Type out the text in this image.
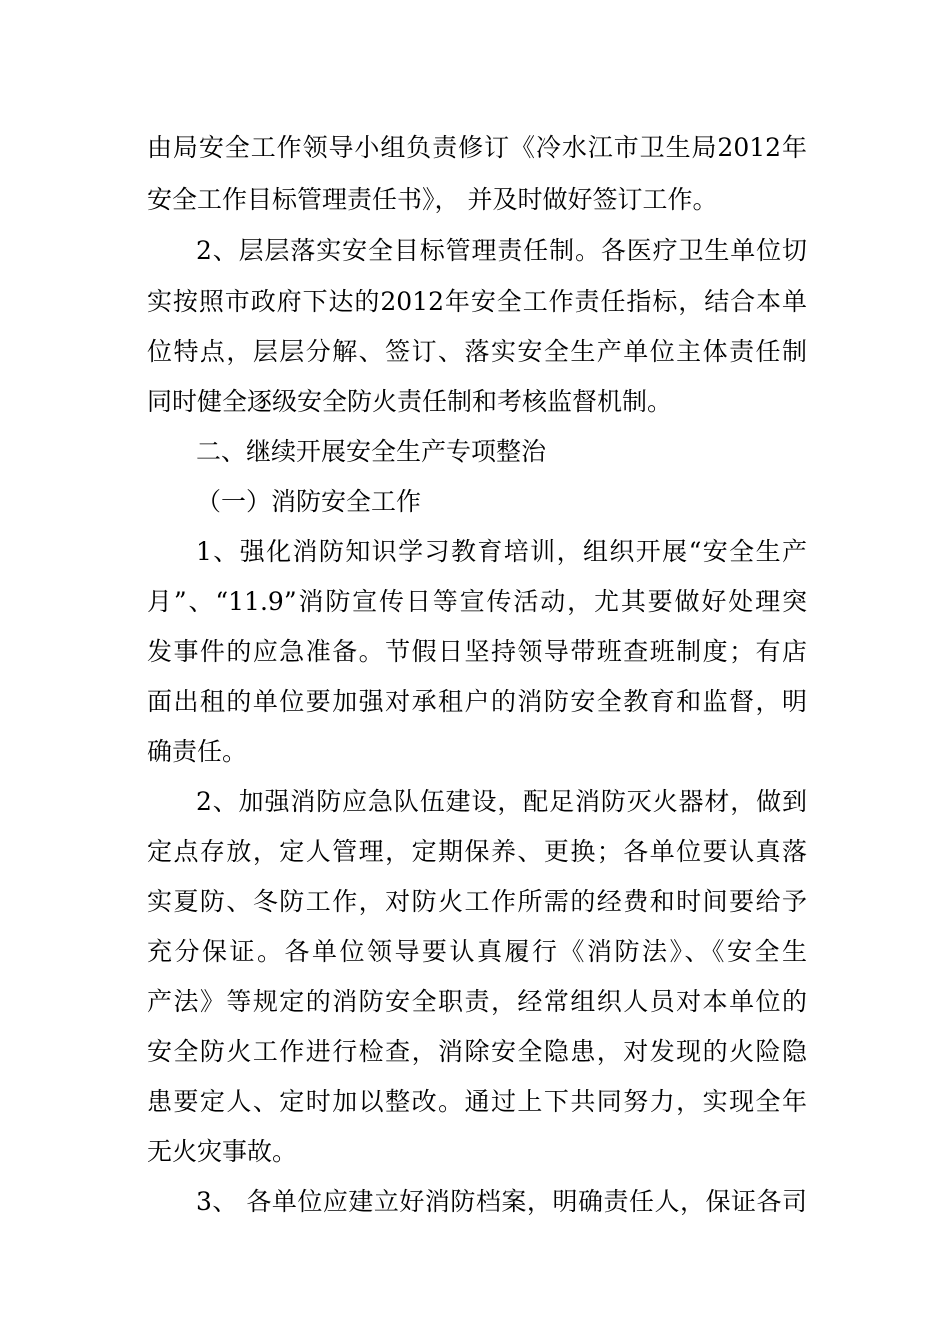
由局安全工作领导小组负责修订《冷水江市卫生局2012年
安全工作目标管理责任书》， 并及时做好签订工作。
2、层层落实安全目标管理责任制。各医疗卫生单位切
实按照市政府下达的2012年安全工作责任指标，结合本单
位特点，层层分解、签订、落实安全生产单位主体责任制
同时健全逐级安全防火责任制和考核监督机制。
二、继续开展安全生产专项整治
（一）消防安全工作
1、强化消防知识学习教育培训，组织开展“安全生产
月”、“11.9”消防宣传日等宣传活动，尤其要做好处理突
发事件的应急准备。节假日坚持领导带班查班制度；有店
面出租的单位要加强对承租户的消防安全教育和监督，明
确责任。
2、加强消防应急队伍建设，配足消防灭火器材，做到
定点存放，定人管理，定期保养、更换；各单位要认真落
实夏防、冬防工作，对防火工作所需的经费和时间要给予
充分保证。各单位领导要认真履行《消防法》、《安全生
产法》等规定的消防安全职责，经常组织人员对本单位的
安全防火工作进行检查，消除安全隐患，对发现的火险隐
患要定人、定时加以整改。通过上下共同努力，实现全年
无火灾事故。
3、 各单位应建立好消防档案，明确责任人，保证各司
